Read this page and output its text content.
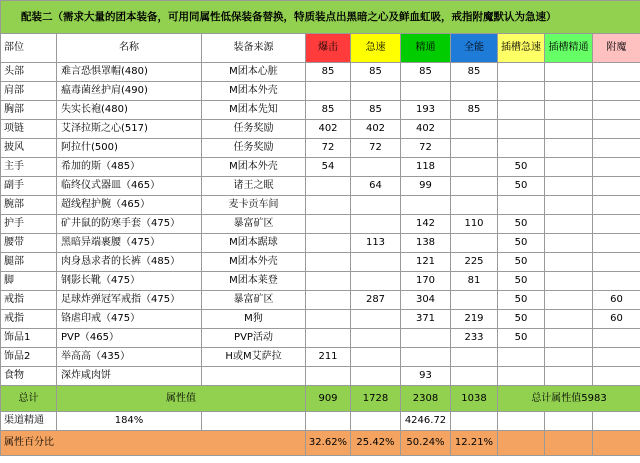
配装二（需求大量的团本装备，可用同属性低保装备替换，特质装点出黑暗之心及鲜血虹吸，戒指附魔默认为急速）									
部位	名称	装备来源	爆击	急速	精通	全能	插槽急速	插槽精通	附魔
头部	难言恐惧罩帽(480)	M团本心脏	85	85	85	85			
肩部	瘟毒菌丝护肩(490)	M团本外壳							
胸部	失实长袍(480)	M团本先知	85	85	193	85			
项链	艾泽拉斯之心(517)	任务奖励	402	402	402				
披风	阿拉什(500)	任务奖励	72	72	72				
主手	希加的斯（485）	M团本外壳	54		118		50		
副手	临终仪式器皿（465）	诸王之眠		64	99		50		
腕部	超线程护腕（465）	麦卡贡车间							
护手	矿井鼠的防寒手套（475）	暴富矿区			142	110	50		
腰带	黑暗异端裹腰（475）	M团本踞球		113	138		50		
腿部	肉身恳求者的长裤（485）	M团本外壳			121	225	50		
脚	钢影长靴（475）	M团本莱登			170	81	50		
戒指	足球炸弹冠军戒指（475）	暴富矿区		287	304		50		60
戒指	铬虐印戒（475）	M狗			371	219	50		60
饰品1	PVP（465）	PVP活动				233	50		
饰品2	举高高（435）	H或M艾萨拉	211						
食物	深炸咸肉饼				93				
总计	属性值		909	1728	2308	1038	总计属性值5983		
渠道精通	184%				4246.72				
属性百分比			32.62%	25.42%	50.24%	12.21%			
